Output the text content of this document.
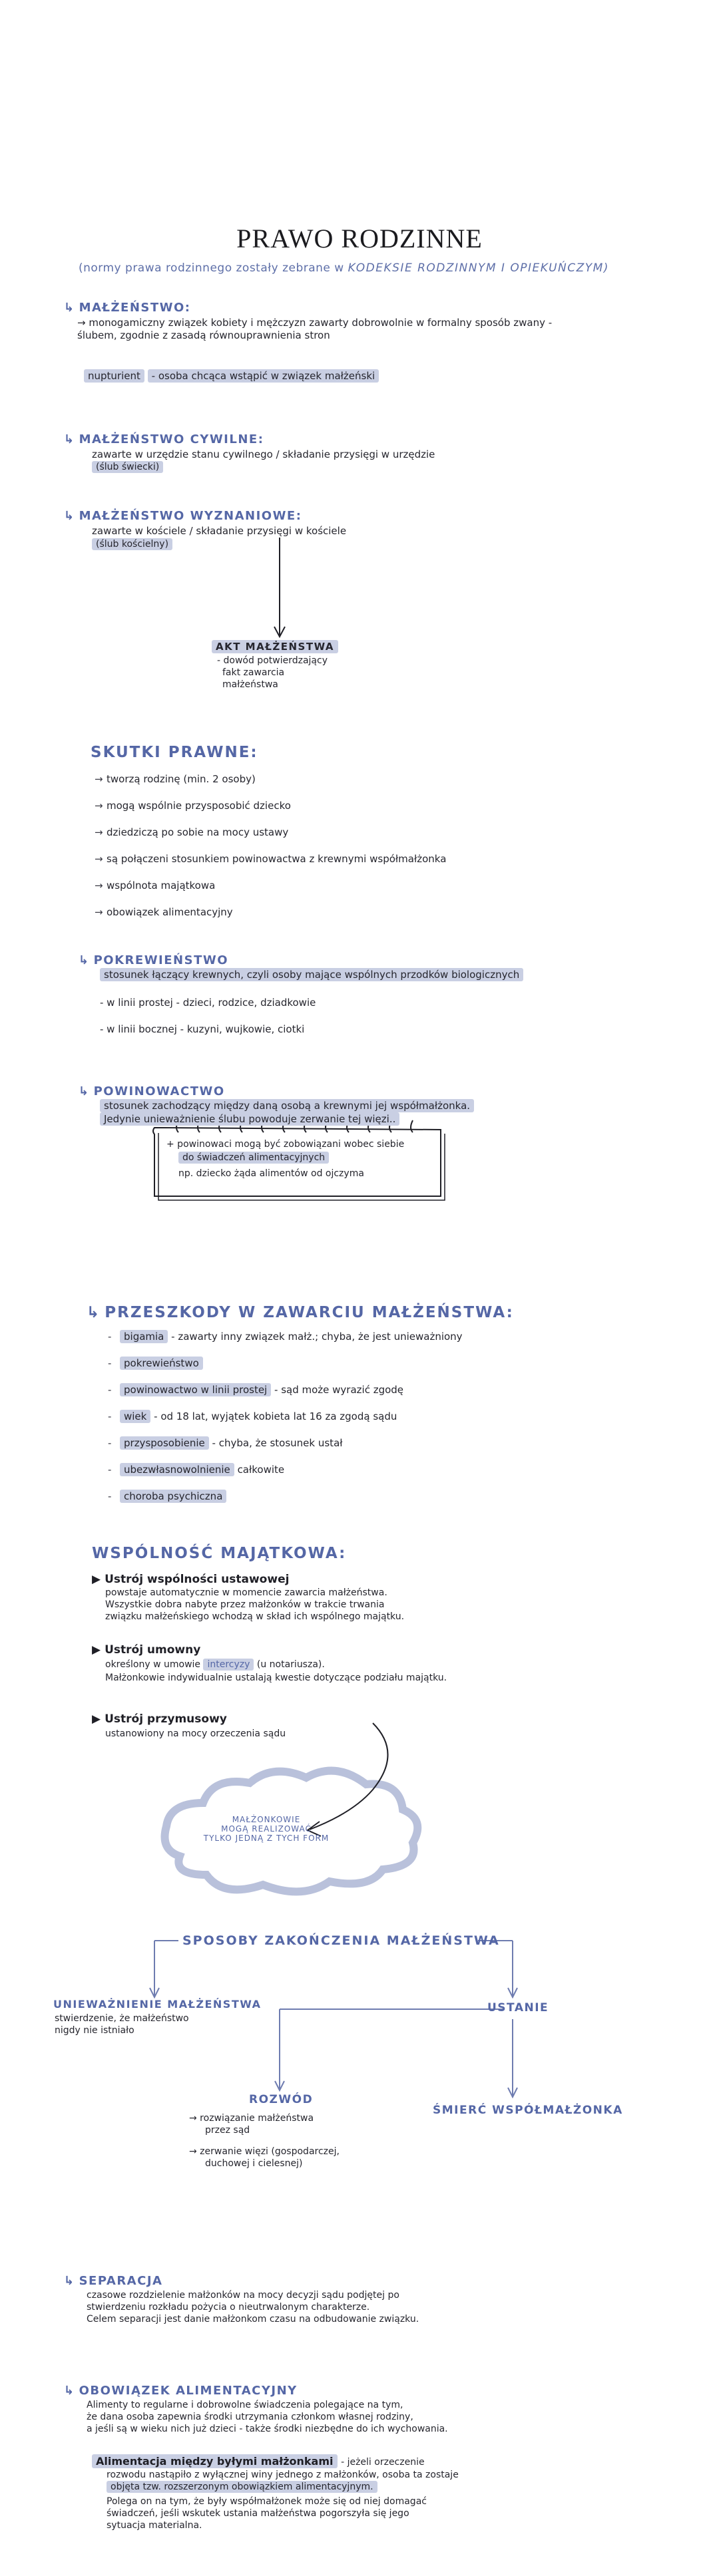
PRAWO RODZINNE
(normy prawa rodzinnego zostały zebrane w KODEKSIE RODZINNYM I OPIEKUŃCZYM)
↳ MAŁŻEŃSTWO:
→ monogamiczny związek kobiety i mężczyzn zawarty dobrowolnie w formalny sposób zwany - ślubem, zgodnie z zasadą równouprawnienia stron
nupturient - osoba chcąca wstąpić w związek małżeński
↳ MAŁŻEŃSTWO CYWILNE:
zawarte w urzędzie stanu cywilnego / składanie przysięgi w urzędzie
(ślub świecki)
↳ MAŁŻEŃSTWO WYZNANIOWE:
zawarte w kościele / składanie przysięgi w kościele
(ślub kościelny)
AKT MAŁŻEŃSTWA
- dowód potwierdzający
fakt zawarcia
małżeństwa
SKUTKI PRAWNE:
→ tworzą rodzinę (min. 2 osoby)
→ mogą wspólnie przysposobić dziecko
→ dziedziczą po sobie na mocy ustawy
→ są połączeni stosunkiem powinowactwa z krewnymi współmałżonka
→ wspólnota majątkowa
→ obowiązek alimentacyjny
↳ POKREWIEŃSTWO
stosunek łączący krewnych, czyli osoby mające wspólnych przodków biologicznych
- w linii prostej - dzieci, rodzice, dziadkowie
- w linii bocznej - kuzyni, wujkowie, ciotki
↳ POWINOWACTWO
stosunek zachodzący między daną osobą a krewnymi jej współmałżonka.
Jedynie unieważnienie ślubu powoduje zerwanie tej więzi..
+ powinowaci mogą być zobowiązani wobec siebie
do świadczeń alimentacyjnych
np. dziecko żąda alimentów od ojczyma
↳ PRZESZKODY W ZAWARCIU MAŁŻEŃSTWA:
- bigamia - zawarty inny związek małż.; chyba, że jest unieważniony
- pokrewieństwo
- powinowactwo w linii prostej - sąd może wyrazić zgodę
- wiek - od 18 lat, wyjątek kobieta lat 16 za zgodą sądu
- przysposobienie - chyba, że stosunek ustał
- ubezwłasnowolnienie całkowite
- choroba psychiczna
WSPÓLNOŚĆ MAJĄTKOWA:
▶ Ustrój wspólności ustawowej
powstaje automatycznie w momencie zawarcia małżeństwa.
Wszystkie dobra nabyte przez małżonków w trakcie trwania
związku małżeńskiego wchodzą w skład ich wspólnego majątku.
▶ Ustrój umowny
określony w umowie intercyzy (u notariusza).
Małżonkowie indywidualnie ustalają kwestie dotyczące podziału majątku.
▶ Ustrój przymusowy
ustanowiony na mocy orzeczenia sądu
MAŁŻONKOWIE
MOGĄ REALIZOWAĆ
TYLKO JEDNĄ Z TYCH FORM
SPOSOBY ZAKOŃCZENIA MAŁŻEŃSTWA
UNIEWAŻNIENIE MAŁŻEŃSTWA
stwierdzenie, że małżeństwo
nigdy nie istniało
USTANIE
ROZWÓD
→ rozwiązanie małżeństwa
przez sąd
→ zerwanie więzi (gospodarczej,
duchowej i cielesnej)
ŚMIERĆ WSPÓŁMAŁŻONKA
↳ SEPARACJA
czasowe rozdzielenie małżonków na mocy decyzji sądu podjętej po
stwierdzeniu rozkładu pożycia o nieutrwalonym charakterze.
Celem separacji jest danie małżonkom czasu na odbudowanie związku.
↳ OBOWIĄZEK ALIMENTACYJNY
Alimenty to regularne i dobrowolne świadczenia polegające na tym,
że dana osoba zapewnia środki utrzymania członkom własnej rodziny,
a jeśli są w wieku nich już dzieci - także środki niezbędne do ich wychowania.
Alimentacja między byłymi małżonkami - jeżeli orzeczenie
rozwodu nastąpiło z wyłącznej winy jednego z małżonków, osoba ta zostaje
objęta tzw. rozszerzonym obowiązkiem alimentacyjnym.
Polega on na tym, że były współmałżonek może się od niej domagać
świadczeń, jeśli wskutek ustania małżeństwa pogorszyła się jego
sytuacja materialna.
